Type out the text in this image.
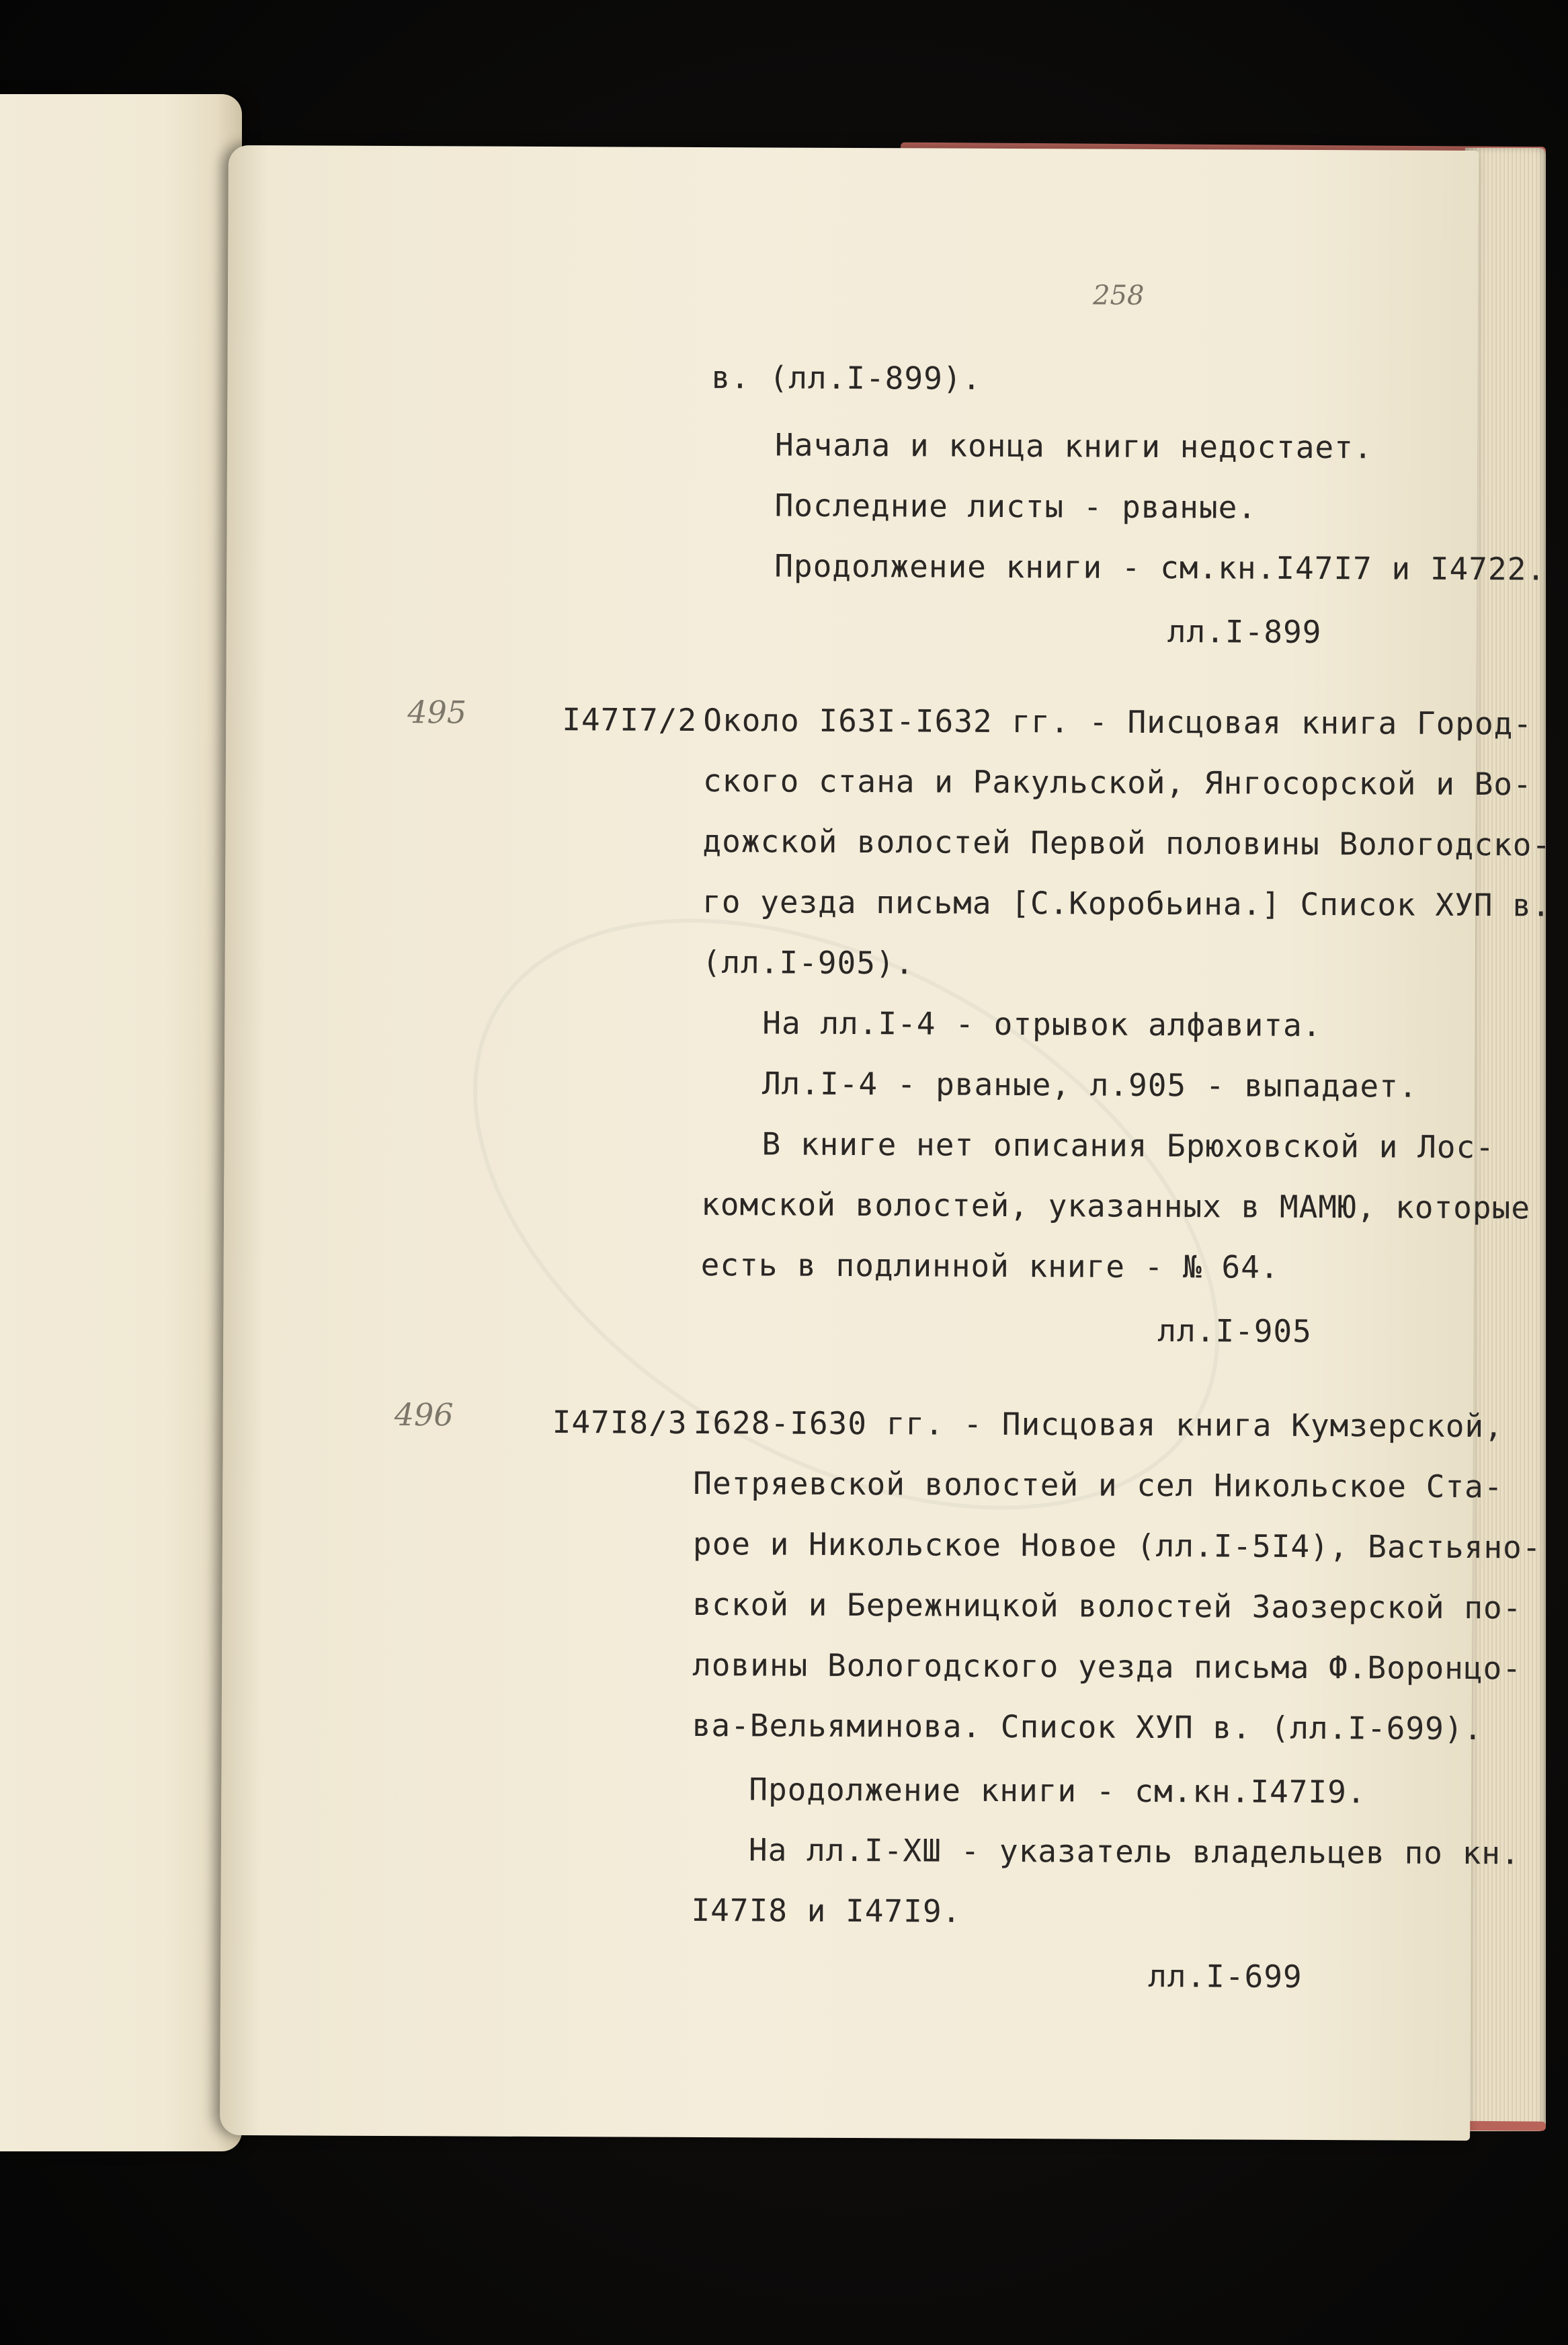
258
в. (лл.I-899).
Начала и конца книги недостает.
Последние листы - рваные.
Продолжение книги - см.кн.I47I7 и I4722.
лл.I-899
495	I47I7/2 Около I63I-I632 гг. - Писцовая книга Город-
ского стана и Ракульской, Янгосорской и Во-
дожской волостей Первой половины Вологодско-
го уезда письма [С.Коробьина.] Список XУП в.
(лл.I-905).
На лл.I-4 - отрывок алфавита.
Лл.I-4 - рваные, л.905 - выпадает.
В книге нет описания Брюховской и Лос-
комской волостей, указанных в МАМЮ, которые
есть в подлинной книге - № 64.
лл.I-905
496	I47I8/3 I628-I630 гг. - Писцовая книга Кумзерской,
Петряевской волостей и сел Никольское Ста-
рое и Никольское Новое (лл.I-5I4), Вастьяно-
вской и Бережницкой волостей Заозерской по-
ловины Вологодского уезда письма Ф.Воронцо-
ва-Вельяминова. Список XУП в. (лл.I-699).
Продолжение книги - см.кн.I47I9.
На лл.I-XШ - указатель владельцев по кн.
I47I8 и I47I9.
лл.I-699
